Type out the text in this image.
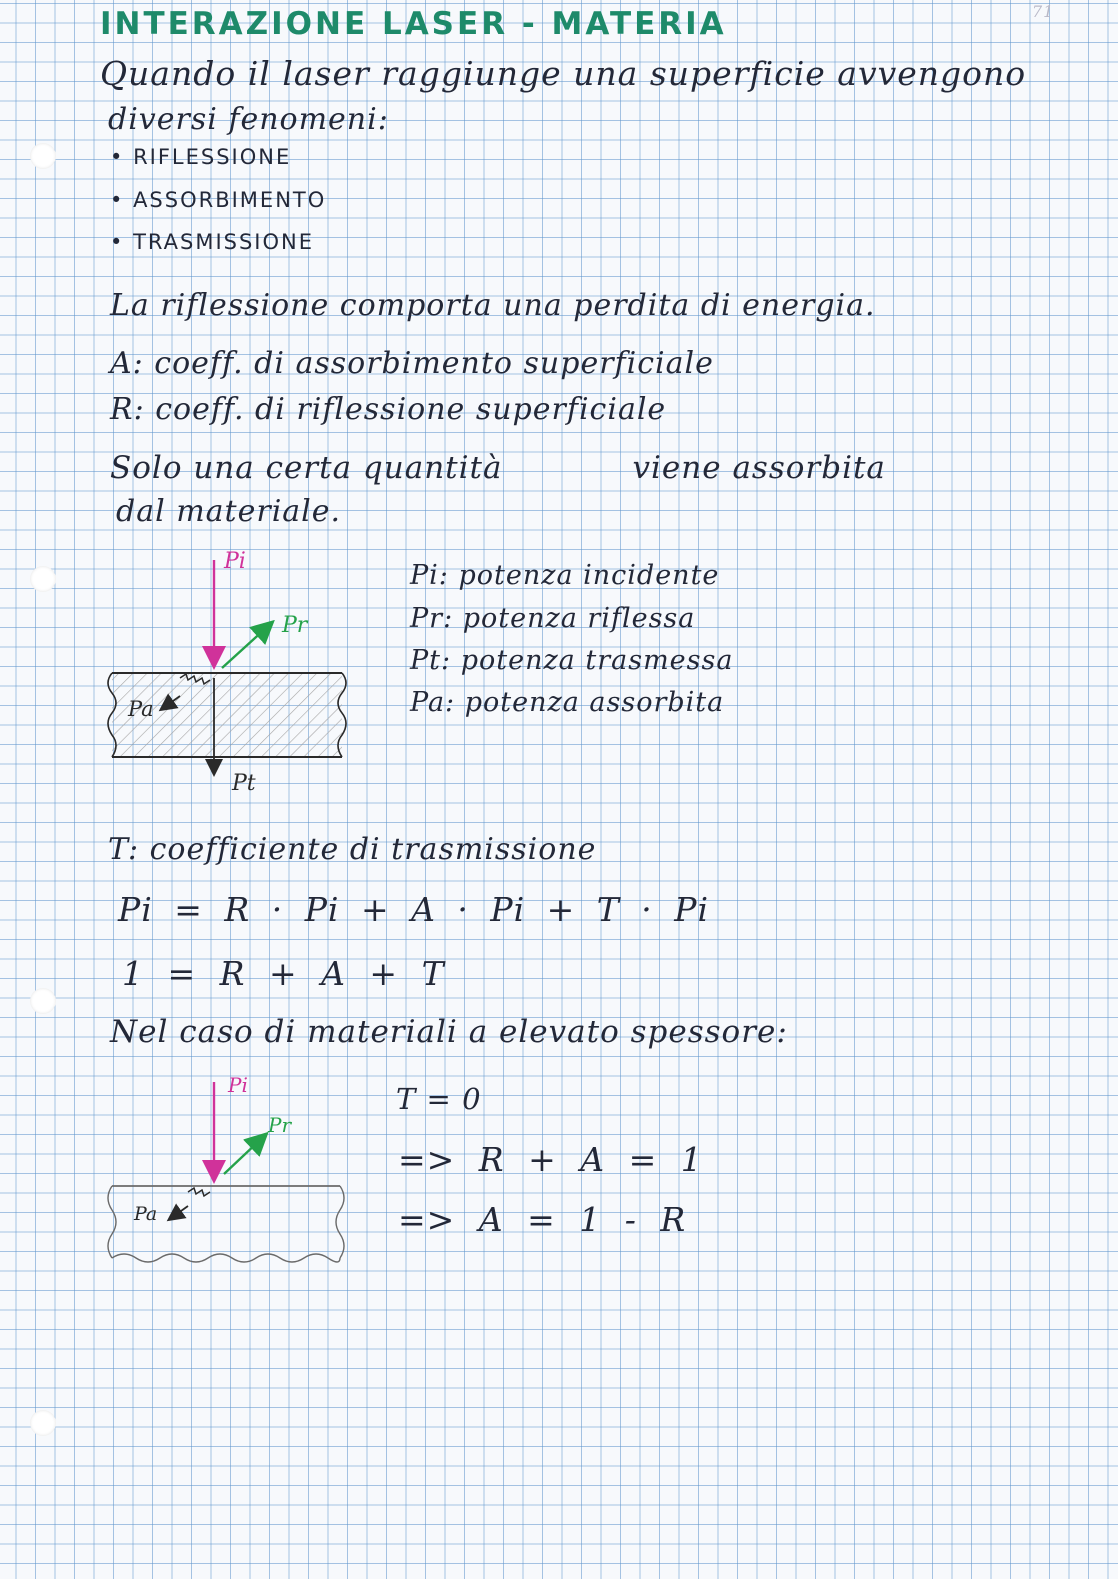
71

INTERAZIONE LASER - MATERIA

Quando il laser raggiunge una superficie avvengono

diversi fenomeni:

• RIFLESSIONE

• ASSORBIMENTO

• TRASMISSIONE

La riflessione comporta una perdita di energia.

A: coeff. di assorbimento superficiale

R: coeff. di riflessione superficiale

Solo una certa quantità	viene assorbita

dal materiale.

Pi
Pr
Pa
Pt

Pi: potenza incidente

Pr: potenza riflessa

Pt: potenza trasmessa

Pa: potenza assorbita

T: coefficiente di trasmissione

Pi = R · Pi + A · Pi + T · Pi

1 = R + A + T

Nel caso di materiali a elevato spessore:

Pi
Pr
Pa

T = 0

=> R + A = 1

=> A = 1 - R
